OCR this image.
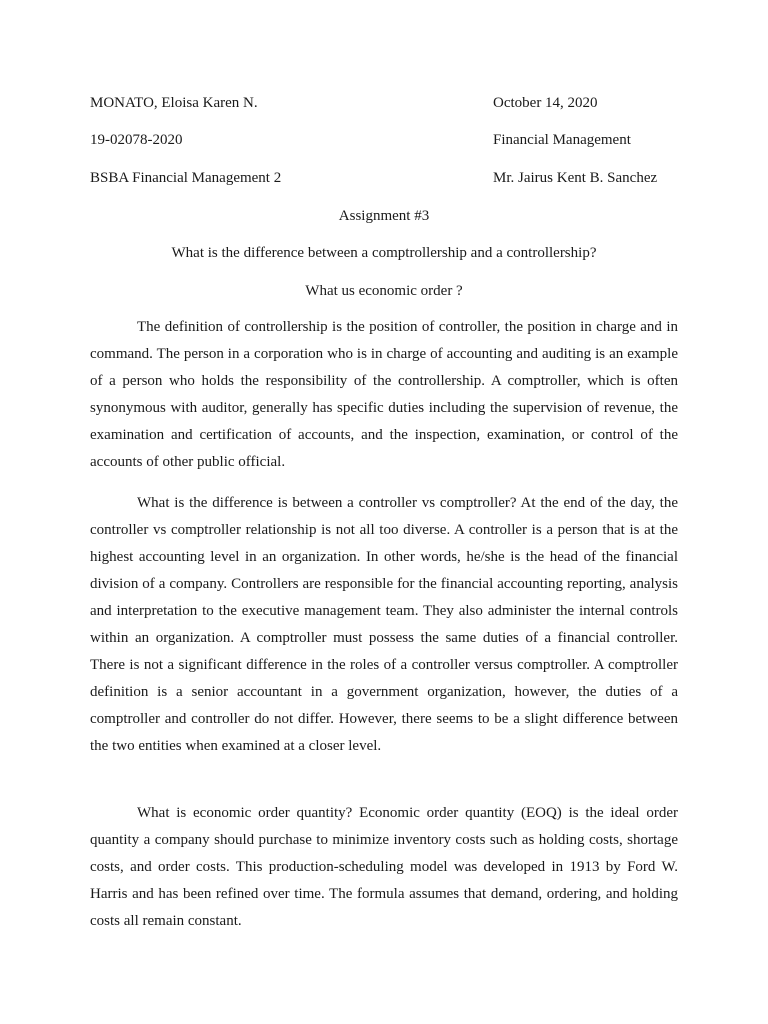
MONATO, Eloisa Karen N.	October 14, 2020
19-02078-2020	Financial Management
BSBA Financial Management 2	Mr. Jairus Kent B. Sanchez
Assignment #3
What is the difference between a comptrollership and a controllership?
What us economic order ?

The definition of controllership is the position of controller, the position in charge and in command. The person in a corporation who is in charge of accounting and auditing is an example of a person who holds the responsibility of the controllership. A comptroller, which is often synonymous with auditor, generally has specific duties including the supervision of revenue, the examination and certification of accounts, and the inspection, examination, or control of the accounts of other public official.

What is the difference is between a controller vs comptroller? At the end of the day, the controller vs comptroller relationship is not all too diverse. A controller is a person that is at the highest accounting level in an organization. In other words, he/she is the head of the financial division of a company. Controllers are responsible for the financial accounting reporting, analysis and interpretation to the executive management team. They also administer the internal controls within an organization. A comptroller must possess the same duties of a financial controller. There is not a significant difference in the roles of a controller versus comptroller. A comptroller definition is a senior accountant in a government organization, however, the duties of a comptroller and controller do not differ. However, there seems to be a slight difference between the two entities when examined at a closer level.

What is economic order quantity? Economic order quantity (EOQ) is the ideal order quantity a company should purchase to minimize inventory costs such as holding costs, shortage costs, and order costs. This production-scheduling model was developed in 1913 by Ford W. Harris and has been refined over time. The formula assumes that demand, ordering, and holding costs all remain constant.
